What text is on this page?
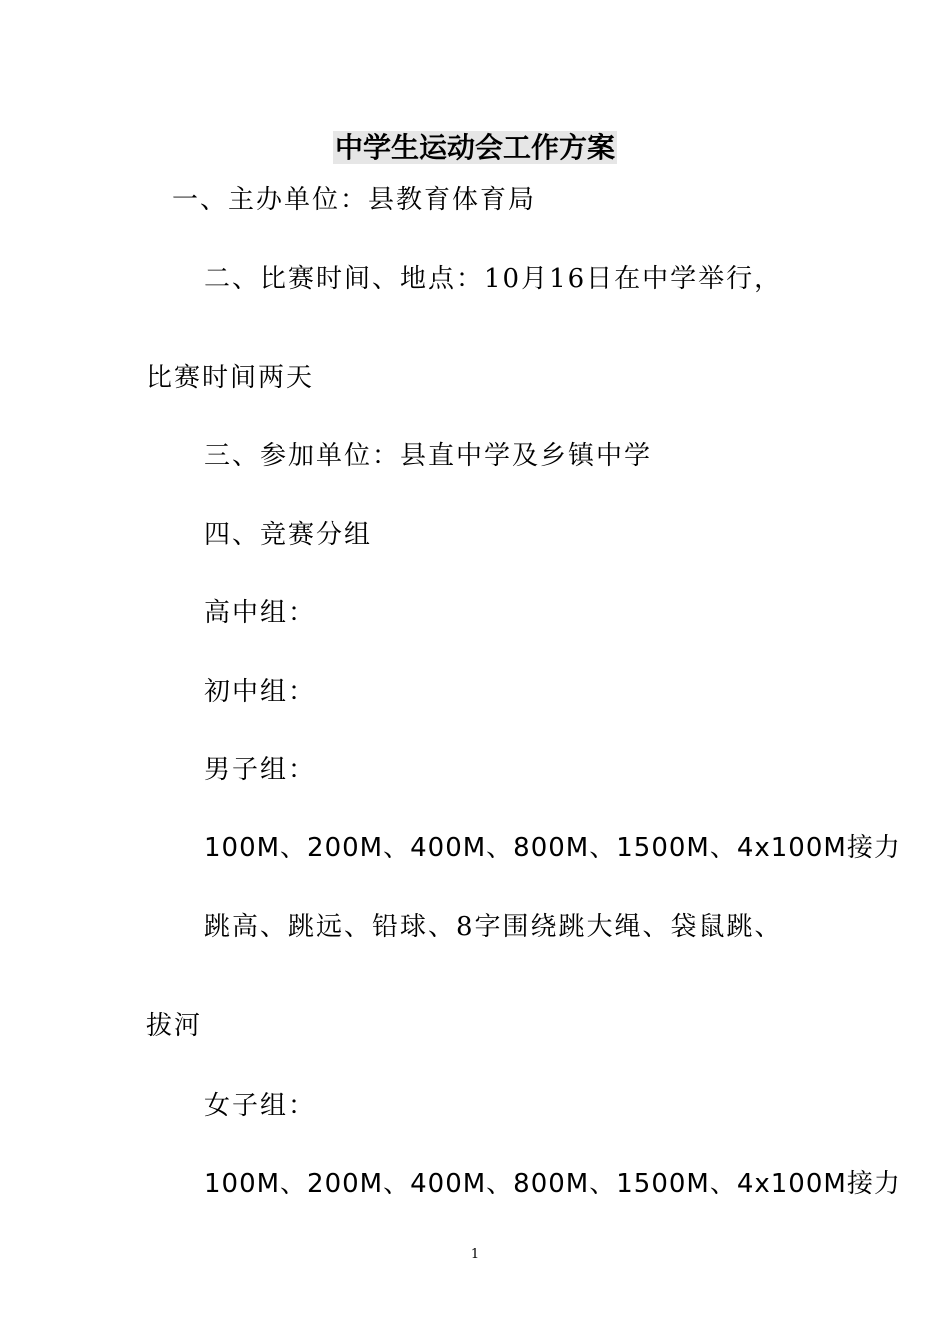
中学生运动会工作方案
一、主办单位：县教育体育局
二、比赛时间、地点：10月16日在中学举行，
比赛时间两天
三、参加单位：县直中学及乡镇中学
四、竞赛分组
高中组：
初中组：
男子组：
100M、200M、400M、800M、1500M、4x100M接力
跳高、跳远、铅球、8字围绕跳大绳、袋鼠跳、
拔河
女子组：
100M、200M、400M、800M、1500M、4x100M接力
1
